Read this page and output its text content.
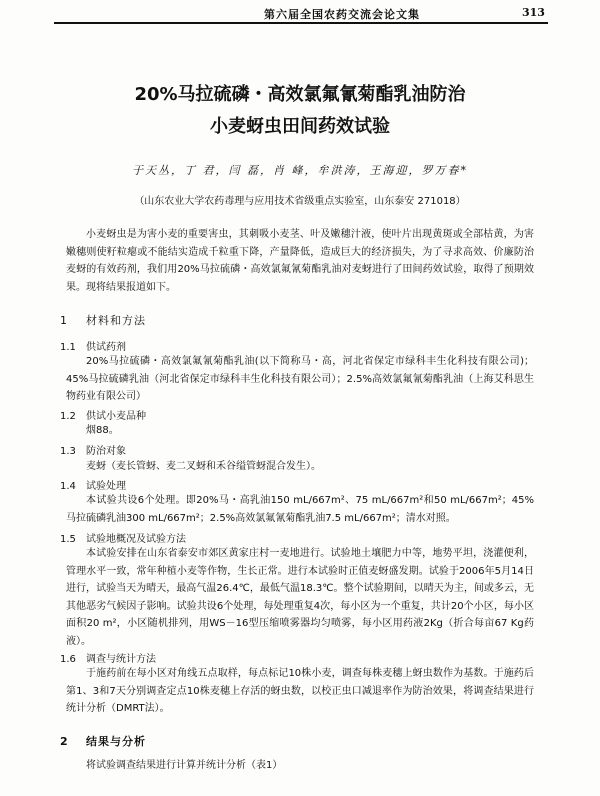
第六届全国农药交流会论文集	313
20%马拉硫磷・高效氯氟氰菊酯乳油防治
小麦蚜虫田间药效试验
于天丛，丁 君，闫 磊，肖 峰，牟洪涛，王海迎，罗万春*
（山东农业大学农药毒理与应用技术省级重点实验室，山东泰安 271018）
小麦蚜虫是为害小麦的重要害虫，其刺吸小麦茎、叶及嫩穗汁液，使叶片出现黄斑或全部枯黄，为害嫩穗则使籽粒瘪或不能结实造成千粒重下降，产量降低，造成巨大的经济损失，为了寻求高效、价廉防治麦蚜的有效药剂，我们用20%马拉硫磷・高效氯氟氰菊酯乳油对麦蚜进行了田间药效试验，取得了预期效果。现将结果报道如下。
1 材料和方法
1.1 供试药剂
20%马拉硫磷・高效氯氟氰菊酯乳油(以下简称马・高，河北省保定市绿科丰生化科技有限公司)；45%马拉硫磷乳油（河北省保定市绿科丰生化科技有限公司）；2.5%高效氯氟氰菊酯乳油（上海艾科思生物药业有限公司）
1.2 供试小麦品种
烟88。
1.3 防治对象
麦蚜（麦长管蚜、麦二叉蚜和禾谷缢管蚜混合发生）。
1.4 试验处理
本试验共设6个处理。即20%马・高乳油150 mL/667m²、75 mL/667m²和50 mL/667m²；45%马拉硫磷乳油300 mL/667m²；2.5%高效氯氟氰菊酯乳油7.5 mL/667m²；清水对照。
1.5 试验地概况及试验方法
本试验安排在山东省泰安市郊区黄家庄村一麦地进行。试验地土壤肥力中等，地势平坦，浇灌便利，管理水平一致，常年种植小麦等作物，生长正常。进行本试验时正值麦蚜盛发期。试验于2006年5月14日进行，试验当天为晴天，最高气温26.4℃，最低气温18.3℃。整个试验期间，以晴天为主，间或多云，无其他恶劣气候因子影响。试验共设6个处理，每处理重复4次，每小区为一个重复，共计20个小区，每小区面积20 m²，小区随机排列，用WS－16型压缩喷雾器均匀喷雾，每小区用药液2Kg（折合每亩67 Kg药液）。
1.6 调查与统计方法
于施药前在每小区对角线五点取样，每点标记10株小麦，调查每株麦穗上蚜虫数作为基数。于施药后第1、3和7天分别调查定点10株麦穗上存活的蚜虫数，以校正虫口减退率作为防治效果，将调查结果进行统计分析（DMRT法）。
2 结果与分析
将试验调查结果进行计算并统计分析（表1）
